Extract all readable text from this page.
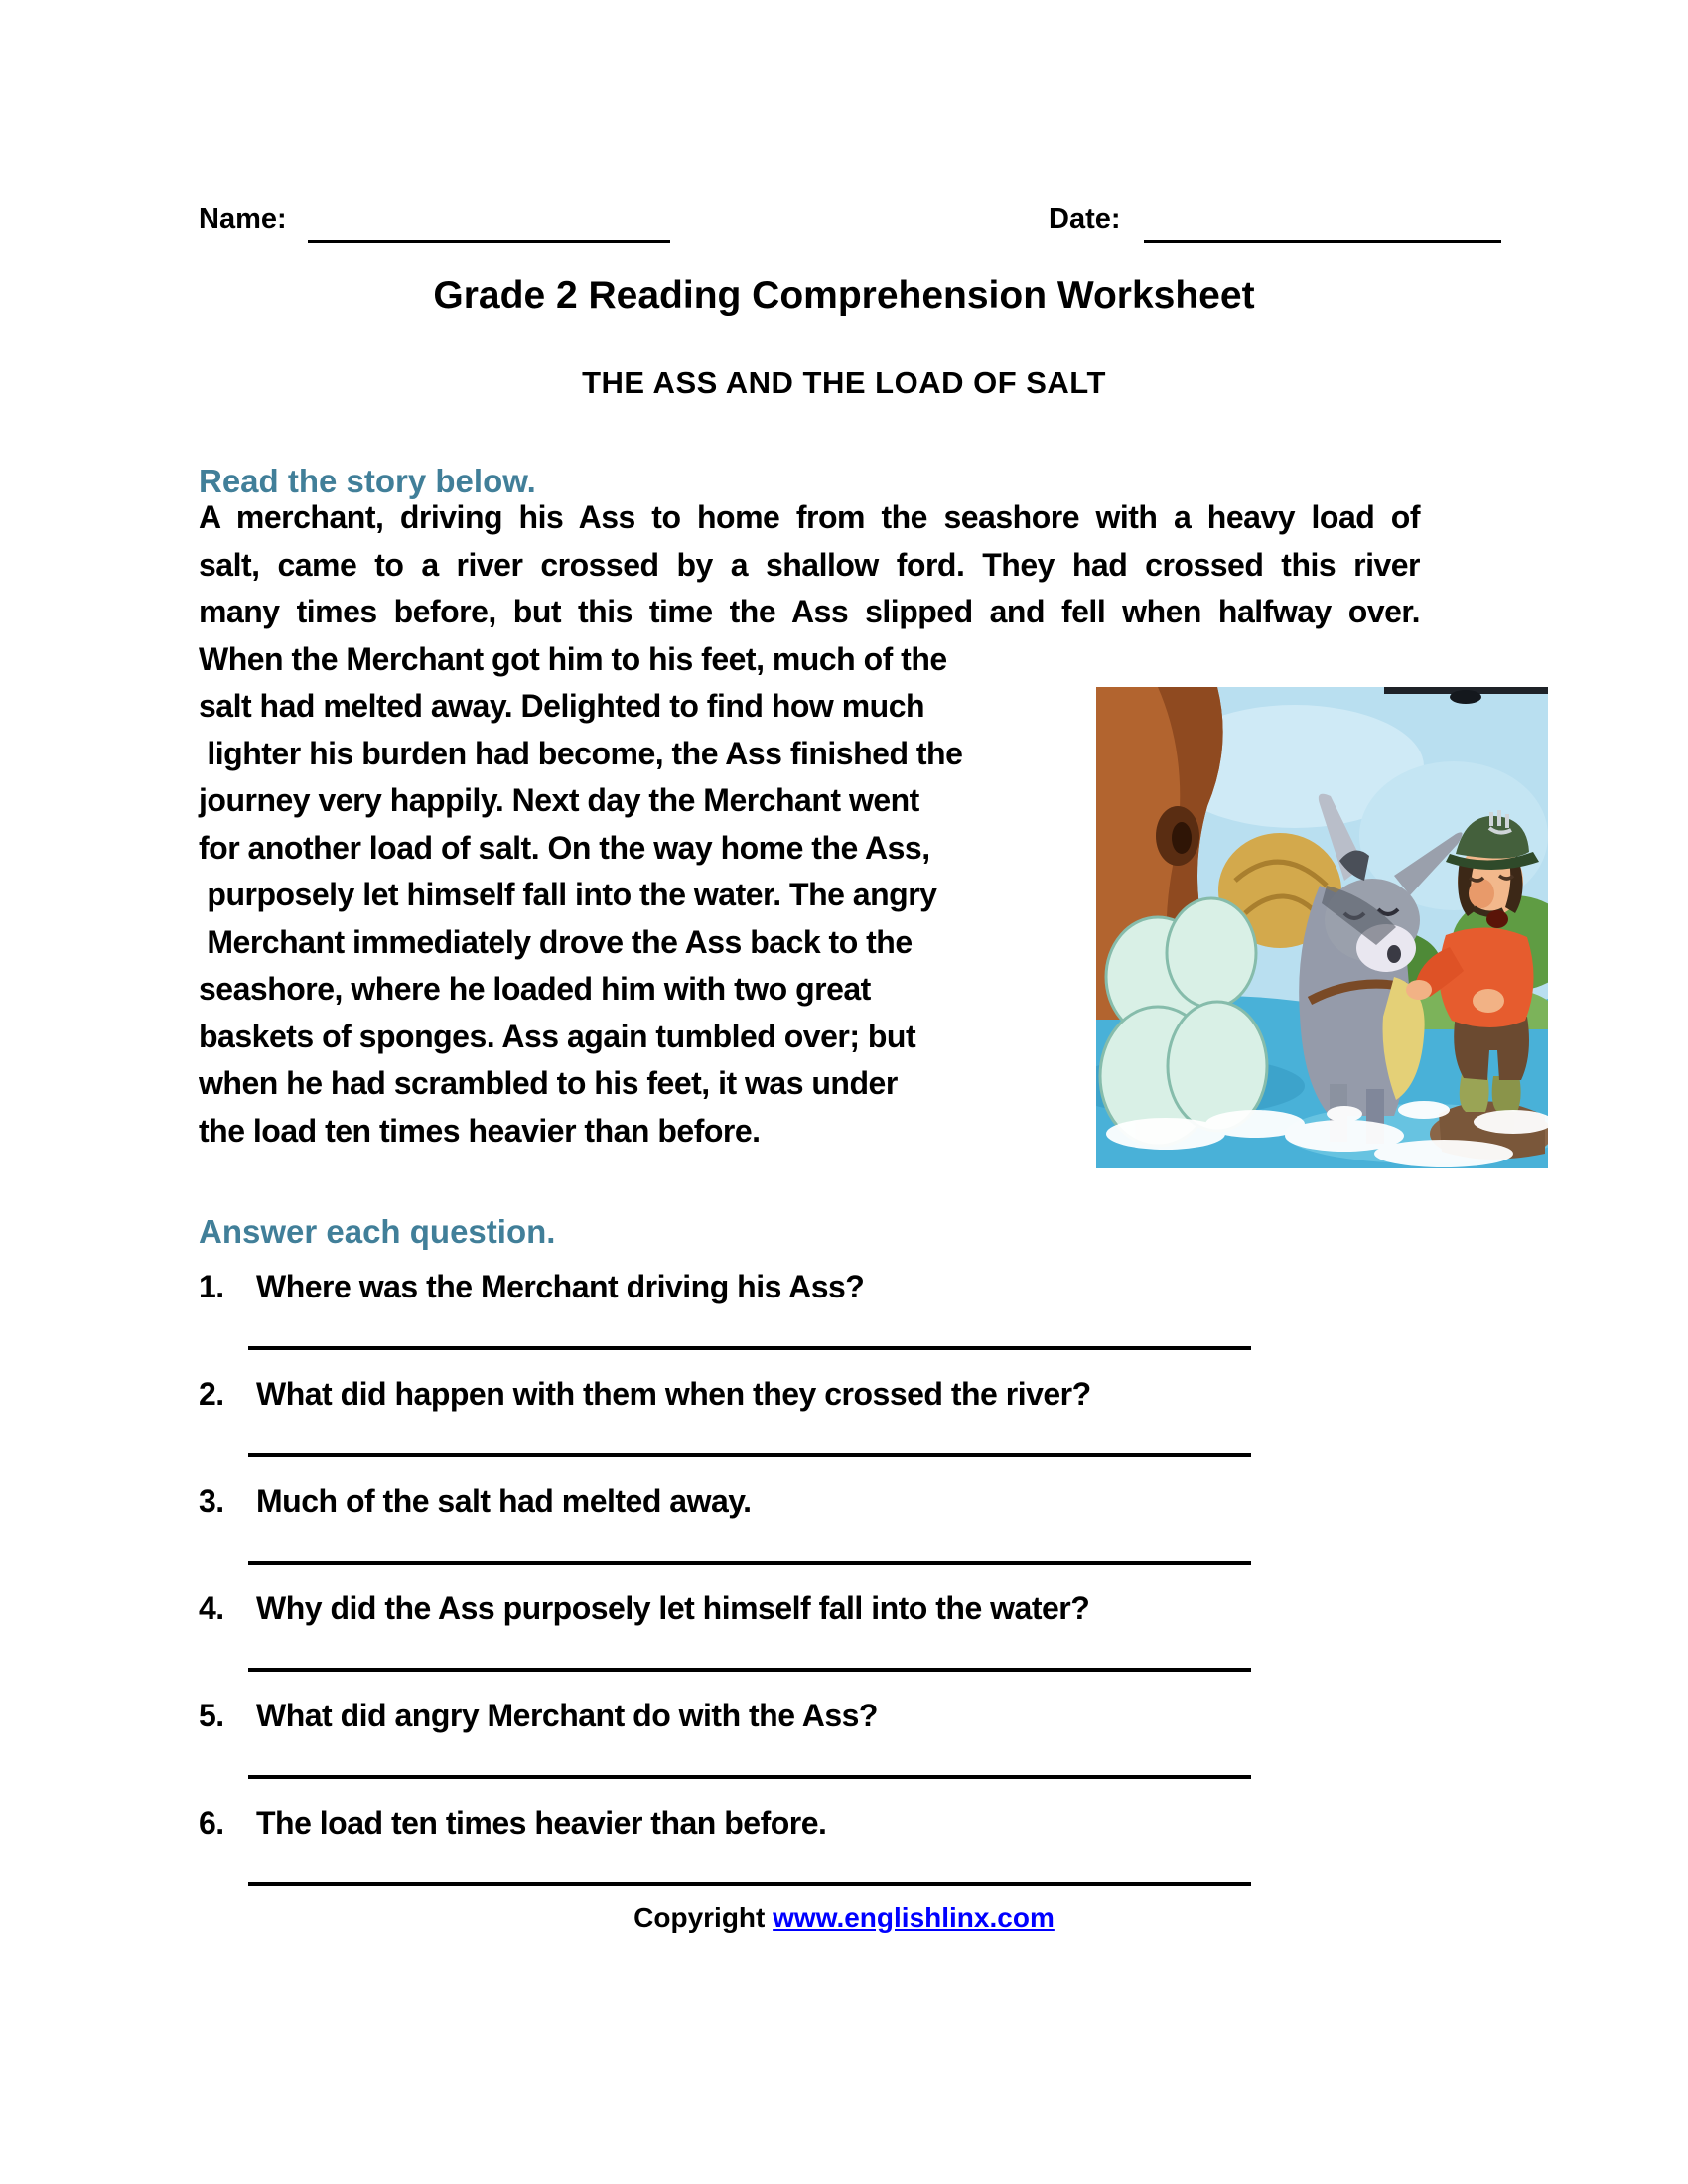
Name:	Date:
Grade 2 Reading Comprehension Worksheet
THE ASS AND THE LOAD OF SALT
Read the story below.
A merchant, driving his Ass to home from the seashore with a heavy load of
salt, came to a river crossed by a shallow ford. They had crossed this river
many times before, but this time the Ass slipped and fell when halfway over.
When the Merchant got him to his feet, much of the
salt had melted away. Delighted to find how much
lighter his burden had become, the Ass finished the
journey very happily. Next day the Merchant went
for another load of salt. On the way home the Ass,
purposely let himself fall into the water. The angry
Merchant immediately drove the Ass back to the
seashore, where he loaded him with two great
baskets of sponges. Ass again tumbled over; but
when he had scrambled to his feet, it was under
the load ten times heavier than before.
Answer each question.
1. Where was the Merchant driving his Ass?
2. What did happen with them when they crossed the river?
3. Much of the salt had melted away.
4. Why did the Ass purposely let himself fall into the water?
5. What did angry Merchant do with the Ass?
6. The load ten times heavier than before.
Copyright www.englishlinx.com
